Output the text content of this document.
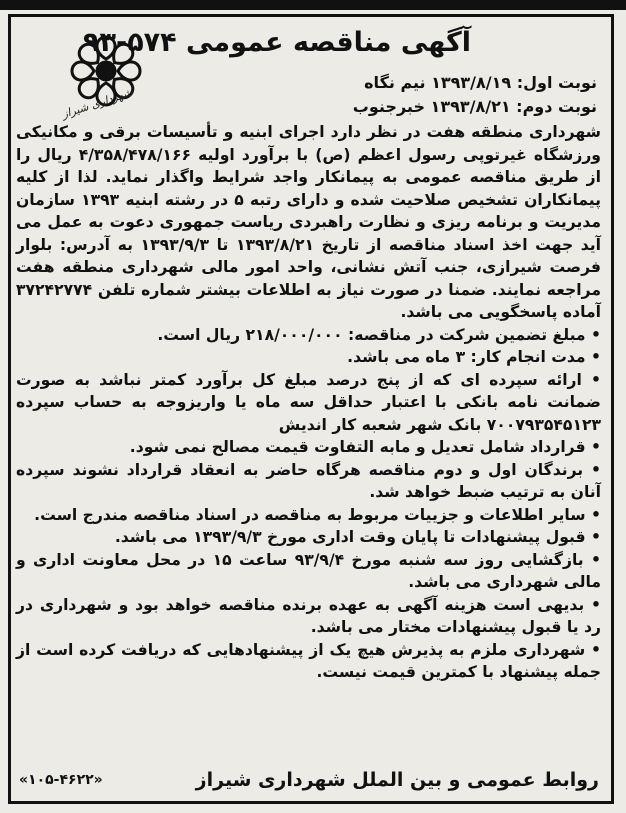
آگهی مناقصه عمومی ۵۷۴-۹۳
شهرداری شیراز
نوبت اول: ۱۳۹۳/۸/۱۹ نیم نگاه
نوبت دوم: ۱۳۹۳/۸/۲۱ خبرجنوب

شهرداری منطقه هفت در نظر دارد اجرای ابنیه و تأسیسات برقی و مکانیکی ورزشگاه غیرتوپی رسول اعظم (ص) با برآورد اولیه ۴/۳۵۸/۴۷۸/۱۶۶ ریال را از طریق مناقصه عمومی به پیمانکار واجد شرایط واگذار نماید. لذا از کلیه پیمانکاران تشخیص صلاحیت شده و دارای رتبه ۵ در رشته ابنیه ۱۳۹۳ سازمان مدیریت و برنامه ریزی و نظارت راهبردی ریاست جمهوری دعوت به عمل می آید جهت اخذ اسناد مناقصه از تاریخ ۱۳۹۳/۸/۲۱ تا ۱۳۹۳/۹/۳ به آدرس: بلوار فرصت شیرازی، جنب آتش نشانی، واحد امور مالی شهرداری منطقه هفت مراجعه نمایند. ضمنا در صورت نیاز به اطلاعات بیشتر شماره تلفن ۳۷۲۴۲۷۷۴ آماده پاسخگویی می باشد.

• مبلغ تضمین شرکت در مناقصه: ۲۱۸/۰۰۰/۰۰۰ ریال است.

• مدت انجام کار: ۳ ماه می باشد.

• ارائه سپرده ای که از پنج درصد مبلغ کل برآورد کمتر نباشد به صورت ضمانت نامه بانکی با اعتبار حداقل سه ماه یا واریزوجه به حساب سپرده ۷۰۰۷۹۳۵۴۵۱۲۳ بانک شهر شعبه کار اندیش

• قرارداد شامل تعدیل و مابه التفاوت قیمت مصالح نمی شود.

• برندگان اول و دوم مناقصه هرگاه حاضر به انعقاد قرارداد نشوند سپرده آنان به ترتیب ضبط خواهد شد.

• سایر اطلاعات و جزییات مربوط به مناقصه در اسناد مناقصه مندرج است.

• قبول پیشنهادات تا پایان وقت اداری مورخ ۱۳۹۳/۹/۳ می باشد.

• بازگشایی روز سه شنبه مورخ ۹۳/۹/۴ ساعت ۱۵ در محل معاونت اداری و مالی شهرداری می باشد.

• بدیهی است هزینه آگهی به عهده برنده مناقصه خواهد بود و شهرداری در رد یا قبول پیشنهادات مختار می باشد.

• شهرداری ملزم به پذیرش هیچ یک از پیشنهادهایی که دریافت کرده است از جمله پیشنهاد با کمترین قیمت نیست.

روابط عمومی و بین الملل شهرداری شیراز
«۱۰۵-۴۶۲۲»
